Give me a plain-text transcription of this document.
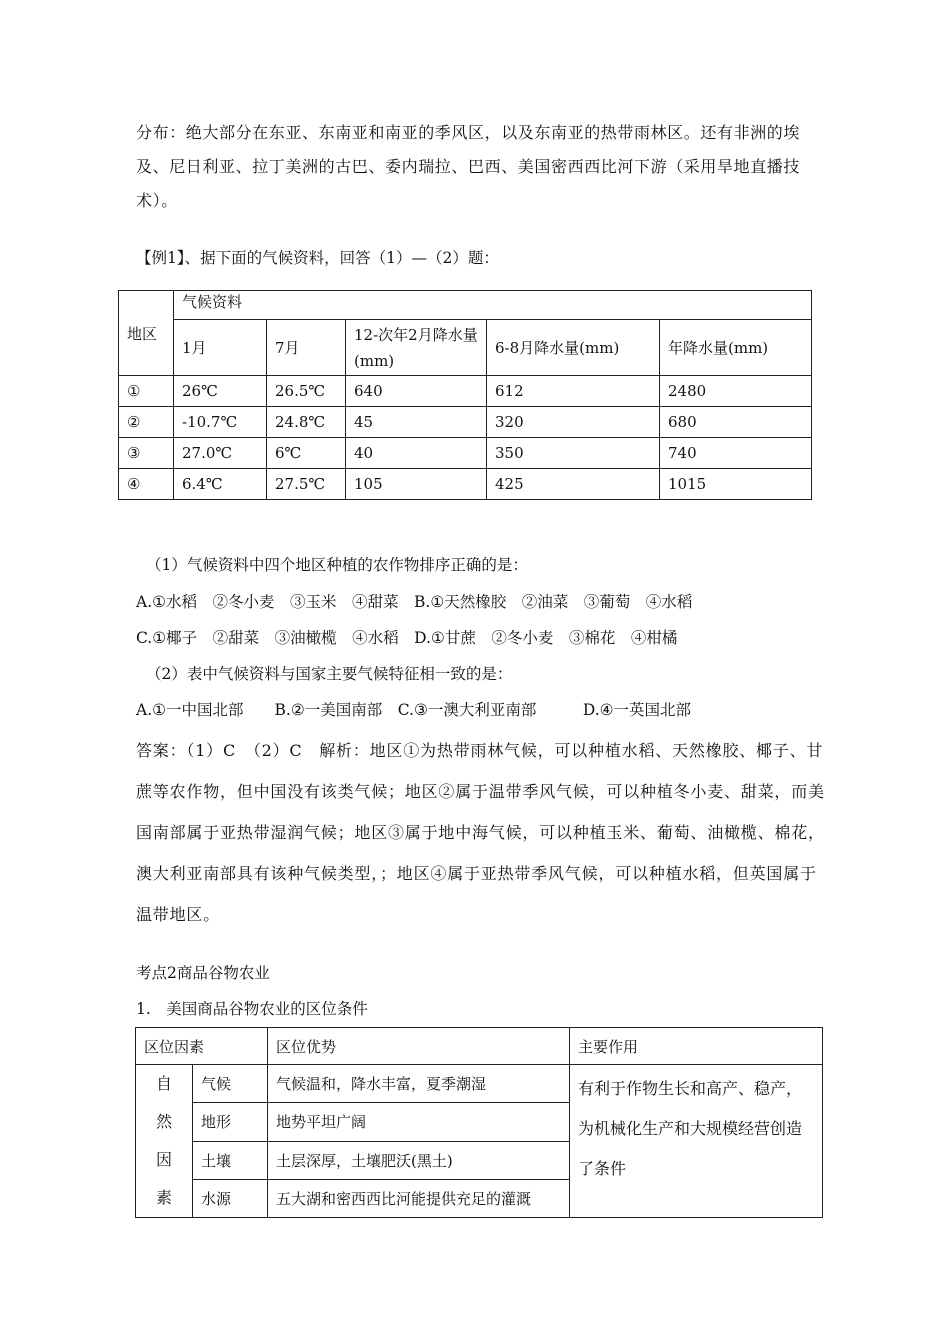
分布：绝大部分在东亚、东南亚和南亚的季风区，以及东南亚的热带雨林区。还有非洲的埃及、尼日利亚、拉丁美洲的古巴、委内瑞拉、巴西、美国密西西比河下游（采用旱地直播技术）。
【例1】、据下面的气候资料，回答（1）—（2）题：
地区	气候资料				
	1月	7月	12-次年2月降水量(mm)	6-8月降水量(mm)	年降水量(mm)
①	26℃	26.5℃	640	612	2480
②	-10.7℃	24.8℃	45	320	680
③	27.0℃	6℃	40	350	740
④	6.4℃	27.5℃	105	425	1015
（1）气候资料中四个地区种植的农作物排序正确的是：
A.①水稻　②冬小麦　③玉米　④甜菜　B.①天然橡胶　②油菜　③葡萄　④水稻
C.①椰子　②甜菜　③油橄榄　④水稻　D.①甘蔗　②冬小麦　③棉花　④柑橘
（2）表中气候资料与国家主要气候特征相一致的是：
A.①一中国北部　　B.②一美国南部　C.③一澳大利亚南部　　　D.④一英国北部
答案：（1）C　（2）C　解析：地区①为热带雨林气候，可以种植水稻、天然橡胶、椰子、甘蔗等农作物，但中国没有该类气候；地区②属于温带季风气候，可以种植冬小麦、甜菜，而美国南部属于亚热带湿润气候；地区③属于地中海气候，可以种植玉米、葡萄、油橄榄、棉花，澳大利亚南部具有该种气候类型，；地区④属于亚热带季风气候，可以种植水稻，但英国属于温带地区。
考点2商品谷物农业
1.　美国商品谷物农业的区位条件
区位因素		区位优势	主要作用

自
然
因
素	气候	气候温和，降水丰富，夏季潮湿	有利于作物生长和高产、稳产，为机械化生产和大规模经营创造了条件
	地形	地势平坦广阔	
	土壤	土层深厚，土壤肥沃(黑土)	
	水源	五大湖和密西西比河能提供充足的灌溉	
